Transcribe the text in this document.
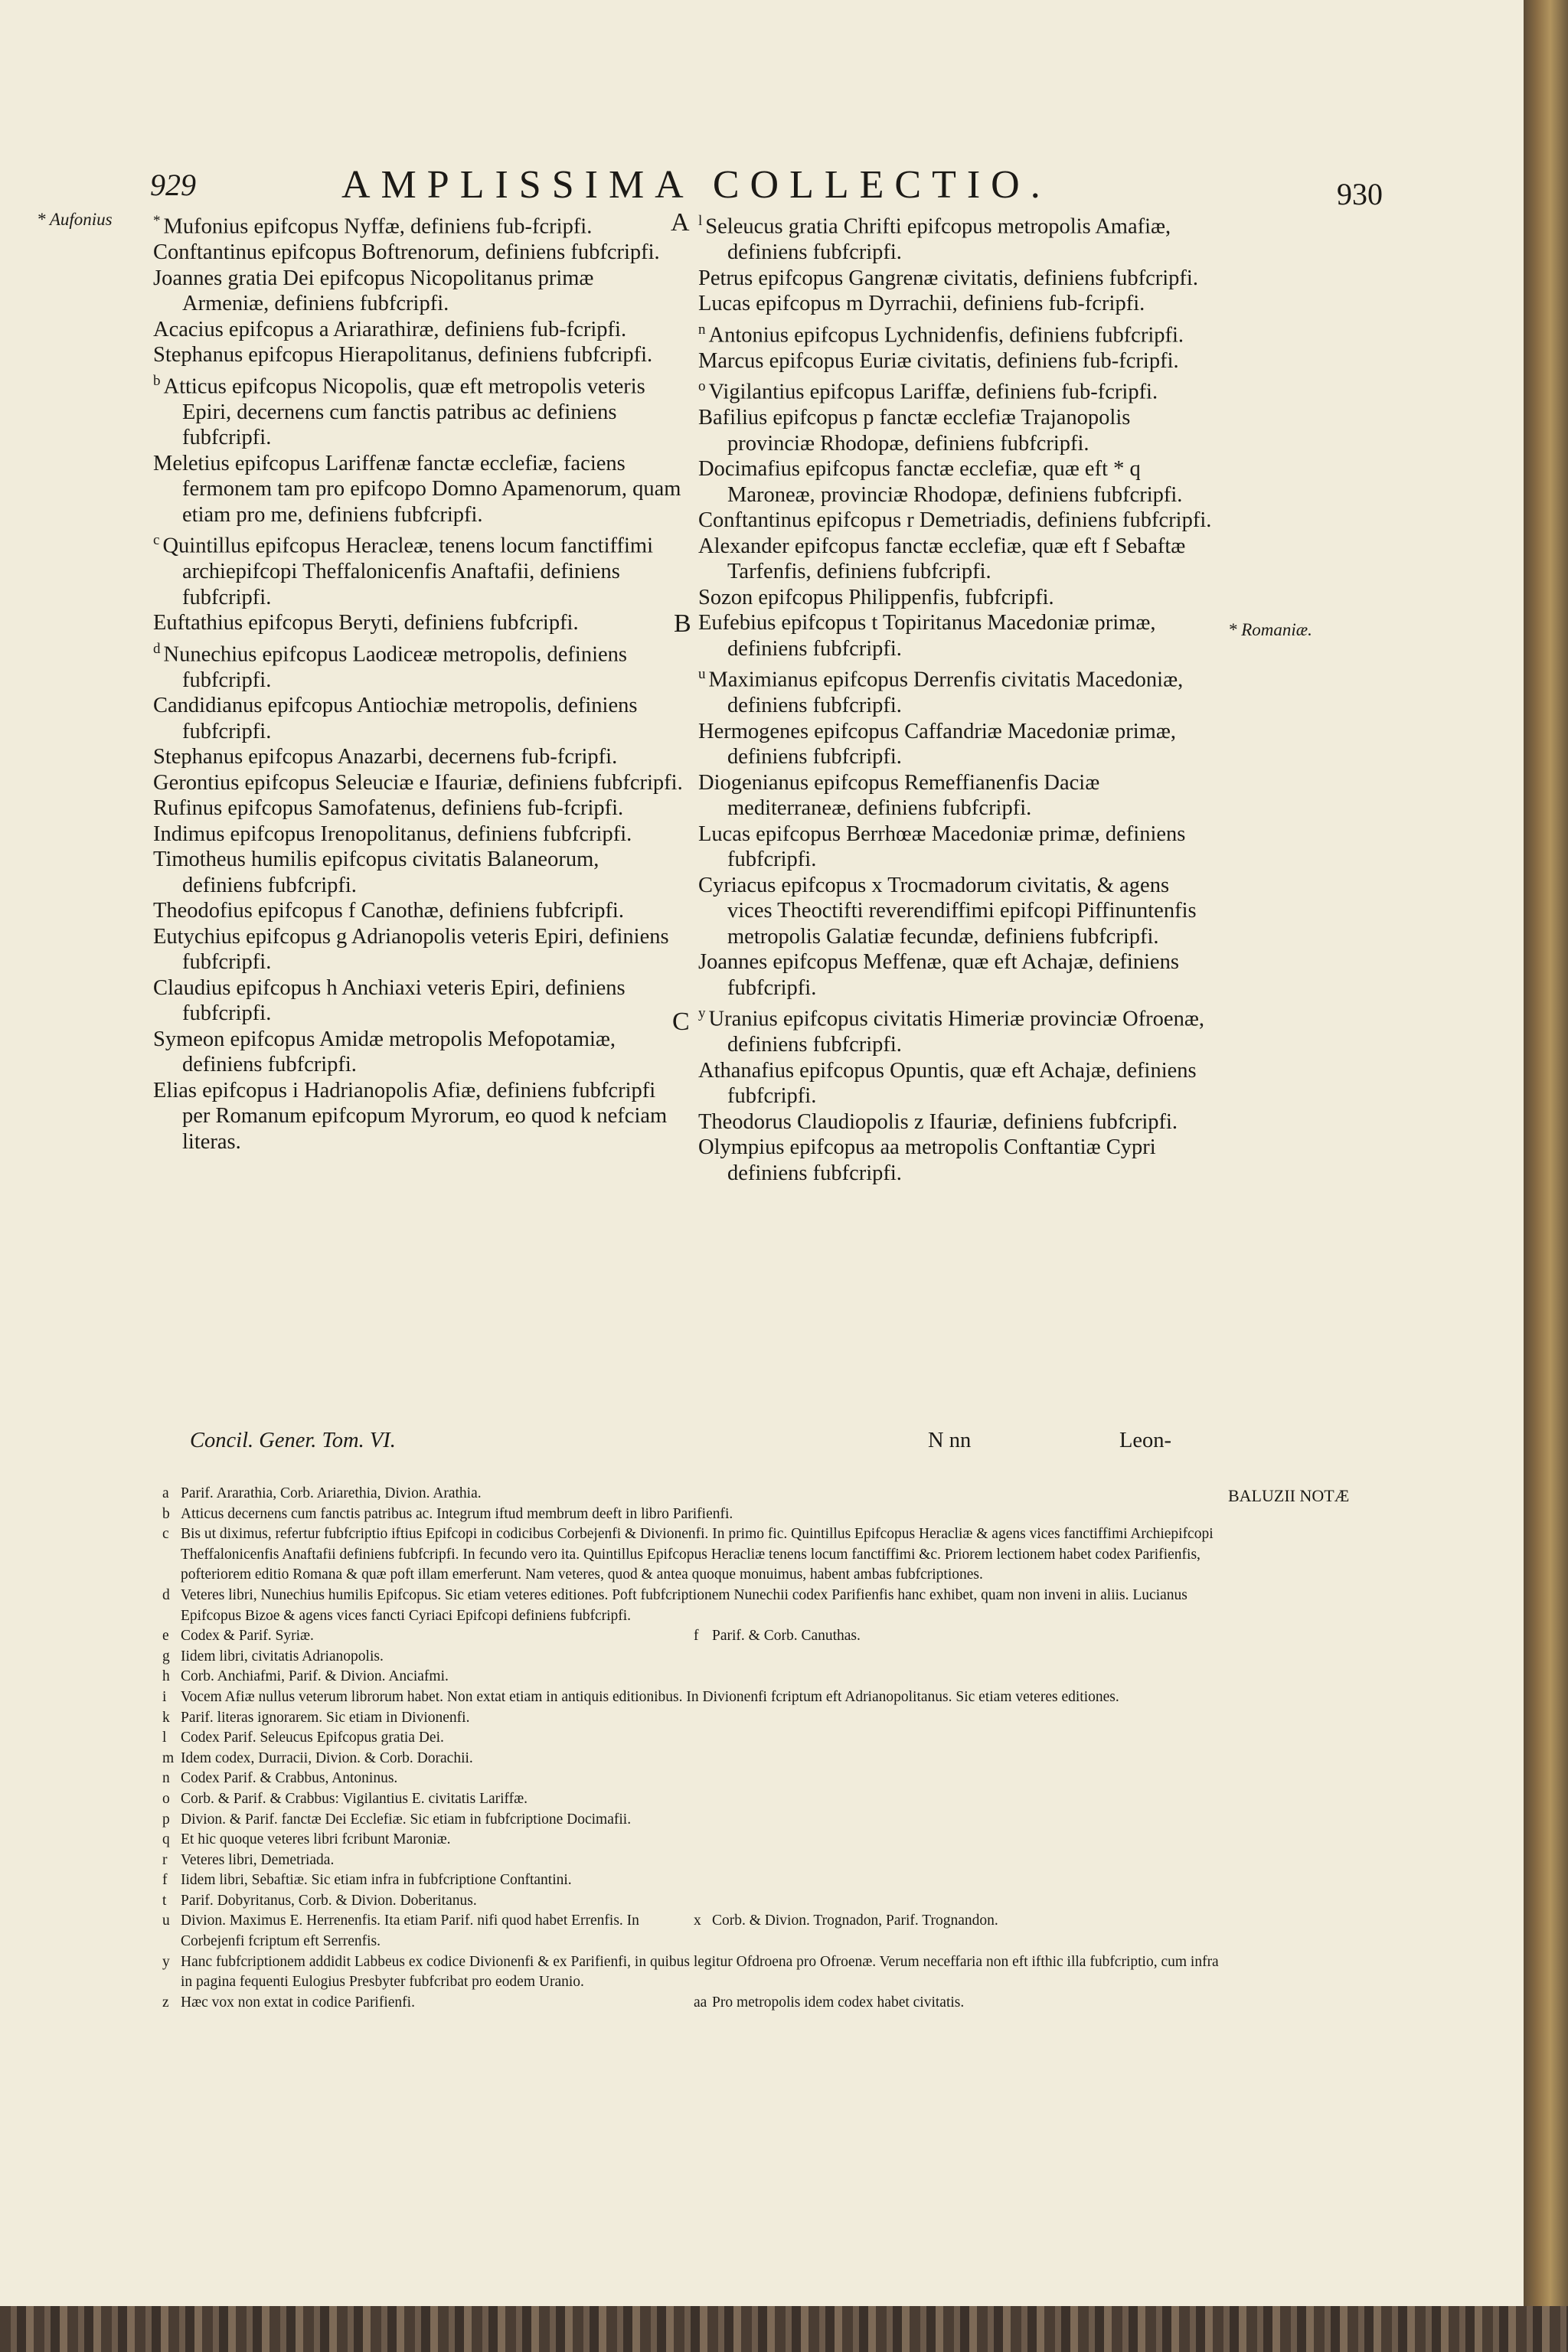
929	AMPLISSIMA COLLECTIO.	930
* Aufonius
* Romaniæ.
A
B
C
* Mufonius epifcopus Nyffæ, definiens fub-fcripfi.
Conftantinus epifcopus Boftrenorum, definiens fubfcripfi.
Joannes gratia Dei epifcopus Nicopolitanus primæ Armeniæ, definiens fubfcripfi.
Acacius epifcopus a Ariarathiræ, definiens fub-fcripfi.
Stephanus epifcopus Hierapolitanus, definiens fubfcripfi.
$^b$ Atticus epifcopus Nicopolis, quæ eft metropolis veteris Epiri, decernens cum fanctis patribus ac definiens fubfcripfi.
Meletius epifcopus Lariffenæ fanctæ ecclefiæ, faciens fermonem tam pro epifcopo Domno Apamenorum, quam etiam pro me, definiens fubfcripfi.
$^c$ Quintillus epifcopus Heracleæ, tenens locum fanctiffimi archiepifcopi Theffalonicenfis Anaftafii, definiens fubfcripfi.
Euftathius epifcopus Beryti, definiens fubfcripfi.
$^d$ Nunechius epifcopus Laodiceæ metropolis, definiens fubfcripfi.
Candidianus epifcopus Antiochiæ metropolis, definiens fubfcripfi.
Stephanus epifcopus Anazarbi, decernens fub-fcripfi.
Gerontius epifcopus Seleuciæ e Ifauriæ, definiens fubfcripfi.
Rufinus epifcopus Samofatenus, definiens fub-fcripfi.
Indimus epifcopus Irenopolitanus, definiens fubfcripfi.
Timotheus humilis epifcopus civitatis Balaneorum, definiens fubfcripfi.
Theodofius epifcopus f Canothæ, definiens fubfcripfi.
Eutychius epifcopus g Adrianopolis veteris Epiri, definiens fubfcripfi.
Claudius epifcopus h Anchiaxi veteris Epiri, definiens fubfcripfi.
Symeon epifcopus Amidæ metropolis Mefopotamiæ, definiens fubfcripfi.
Elias epifcopus i Hadrianopolis Afiæ, definiens fubfcripfi per Romanum epifcopum Myrorum, eo quod k nefciam literas.
$^l$ Seleucus gratia Chrifti epifcopus metropolis Amafiæ, definiens fubfcripfi.
Petrus epifcopus Gangrenæ civitatis, definiens fubfcripfi.
Lucas epifcopus m Dyrrachii, definiens fub-fcripfi.
$^n$ Antonius epifcopus Lychnidenfis, definiens fubfcripfi.
Marcus epifcopus Euriæ civitatis, definiens fub-fcripfi.
$^o$ Vigilantius epifcopus Lariffæ, definiens fub-fcripfi.
Bafilius epifcopus p fanctæ ecclefiæ Trajanopolis provinciæ Rhodopæ, definiens fubfcripfi.
Docimafius epifcopus fanctæ ecclefiæ, quæ eft * q Maroneæ, provinciæ Rhodopæ, definiens fubfcripfi.
Conftantinus epifcopus r Demetriadis, definiens fubfcripfi.
Alexander epifcopus fanctæ ecclefiæ, quæ eft f Sebaftæ Tarfenfis, definiens fubfcripfi.
Sozon epifcopus Philippenfis, fubfcripfi.
Eufebius epifcopus t Topiritanus Macedoniæ primæ, definiens fubfcripfi.
$^u$ Maximianus epifcopus Derrenfis civitatis Macedoniæ, definiens fubfcripfi.
Hermogenes epifcopus Caffandriæ Macedoniæ primæ, definiens fubfcripfi.
Diogenianus epifcopus Remeffianenfis Daciæ mediterraneæ, definiens fubfcripfi.
Lucas epifcopus Berrhœæ Macedoniæ primæ, definiens fubfcripfi.
Cyriacus epifcopus x Trocmadorum civitatis, & agens vices Theoctifti reverendiffimi epifcopi Piffinuntenfis metropolis Galatiæ fecundæ, definiens fubfcripfi.
Joannes epifcopus Meffenæ, quæ eft Achajæ, definiens fubfcripfi.
$^y$ Uranius epifcopus civitatis Himeriæ provinciæ Ofroenæ, definiens fubfcripfi.
Athanafius epifcopus Opuntis, quæ eft Achajæ, definiens fubfcripfi.
Theodorus Claudiopolis z Ifauriæ, definiens fubfcripfi.
Olympius epifcopus aa metropolis Conftantiæ Cypri definiens fubfcripfi.
Concil. Gener. Tom. VI.	N nn	Leon-
BALUZII NOTÆ
a Parif. Ararathia, Corb. Ariarethia, Divion. Arathia.
b Atticus decernens cum fanctis patribus ac. Integrum iftud membrum deeft in libro Parifienfi.
c Bis ut diximus, refertur fubfcriptio iftius Epifcopi in codicibus Corbejenfi & Divionenfi. In primo fic. Quintillus Epifcopus Heracliæ & agens vices fanctiffimi Archiepifcopi Theffalonicenfis Anaftafii definiens fubfcripfi. In fecundo vero ita. Quintillus Epifcopus Heracliæ tenens locum fanctiffimi &c. Priorem lectionem habet codex Parifienfis, pofteriorem editio Romana & quæ poft illam emerferunt. Nam veteres, quod & antea quoque monuimus, habent ambas fubfcriptiones.
d Veteres libri, Nunechius humilis Epifcopus. Sic etiam veteres editiones. Poft fubfcriptionem Nunechii codex Parifienfis hanc exhibet, quam non inveni in aliis. Lucianus Epifcopus Bizoe & agens vices fancti Cyriaci Epifcopi definiens fubfcripfi.
e Codex & Parif. Syriæ.	f Parif. & Corb. Canuthas.
g Iidem libri, civitatis Adrianopolis.
h Corb. Anchiafmi, Parif. & Divion. Anciafmi.
i Vocem Afiæ nullus veterum librorum habet. Non extat etiam in antiquis editionibus. In Divionenfi fcriptum eft Adrianopolitanus. Sic etiam veteres editiones.
k Parif. literas ignorarem. Sic etiam in Divionenfi.
l Codex Parif. Seleucus Epifcopus gratia Dei.
m Idem codex, Durracii, Divion. & Corb. Dorachii.
n Codex Parif. & Crabbus, Antoninus.
o Corb. & Parif. & Crabbus: Vigilantius E. civitatis Lariffæ.
p Divion. & Parif. fanctæ Dei Ecclefiæ. Sic etiam in fubfcriptione Docimafii.
q Et hic quoque veteres libri fcribunt Maroniæ.
r Veteres libri, Demetriada.
f Iidem libri, Sebaftiæ. Sic etiam infra in fubfcriptione Conftantini.
t Parif. Dobyritanus, Corb. & Divion. Doberitanus.
u Divion. Maximus E. Herrenenfis. Ita etiam Parif. nifi quod habet Errenfis. In Corbejenfi fcriptum eft Serrenfis.
x Corb. & Divion. Trognadon, Parif. Trognandon.
y Hanc fubfcriptionem addidit Labbeus ex codice Divionenfi & ex Parifienfi, in quibus legitur Ofdroena pro Ofroenæ. Verum neceffaria non eft ifthic illa fubfcriptio, cum infra in pagina fequenti Eulogius Presbyter fubfcribat pro eodem Uranio.
z Hæc vox non extat in codice Parifienfi.	aa Pro metropolis idem codex habet civitatis.
